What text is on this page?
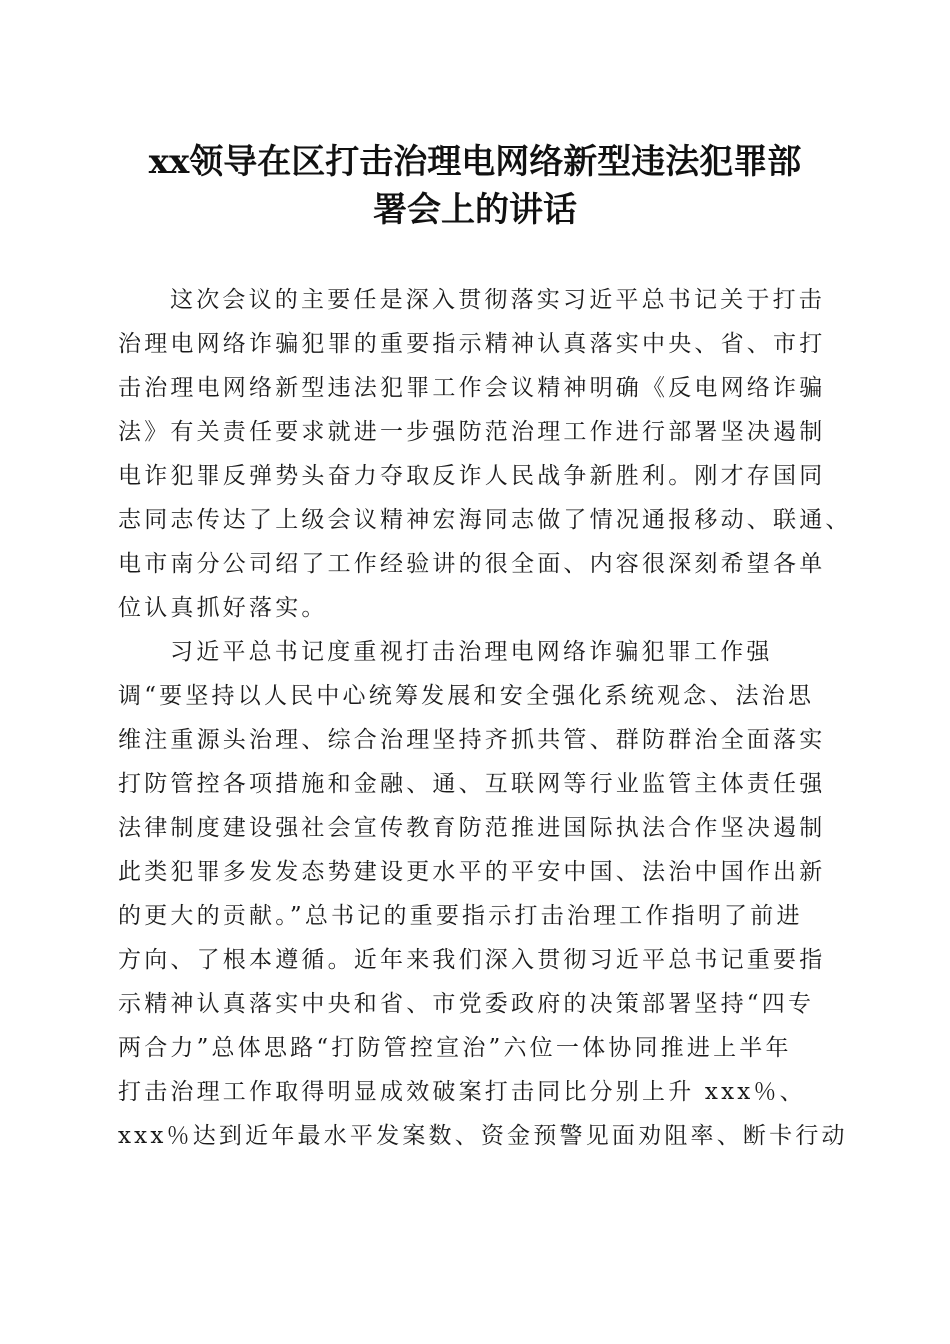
xx领导在区打击治理电网络新型违法犯罪部
署会上的讲话
这次会议的主要任是深入贯彻落实习近平总书记关于打击
治理电网络诈骗犯罪的重要指示精神认真落实中央、省、市打
击治理电网络新型违法犯罪工作会议精神明确《反电网络诈骗
法》有关责任要求就进一步强防范治理工作进行部署坚决遏制
电诈犯罪反弹势头奋力夺取反诈人民战争新胜利。刚才存国同
志同志传达了上级会议精神宏海同志做了情况通报移动、联通、
电市南分公司绍了工作经验讲的很全面、内容很深刻希望各单
位认真抓好落实。
习近平总书记度重视打击治理电网络诈骗犯罪工作强
调“要坚持以人民中心统筹发展和安全强化系统观念、法治思
维注重源头治理、综合治理坚持齐抓共管、群防群治全面落实
打防管控各项措施和金融、通、互联网等行业监管主体责任强
法律制度建设强社会宣传教育防范推进国际执法合作坚决遏制
此类犯罪多发发态势建设更水平的平安中国、法治中国作出新
的更大的贡献。”总书记的重要指示打击治理工作指明了前进
方向、了根本遵循。近年来我们深入贯彻习近平总书记重要指
示精神认真落实中央和省、市党委政府的决策部署坚持“四专
两合力”总体思路“打防管控宣治”六位一体协同推进上半年
打击治理工作取得明显成效破案打击同比分别上升 xxx％、
xxx％达到近年最水平发案数、资金预警见面劝阻率、断卡行动
